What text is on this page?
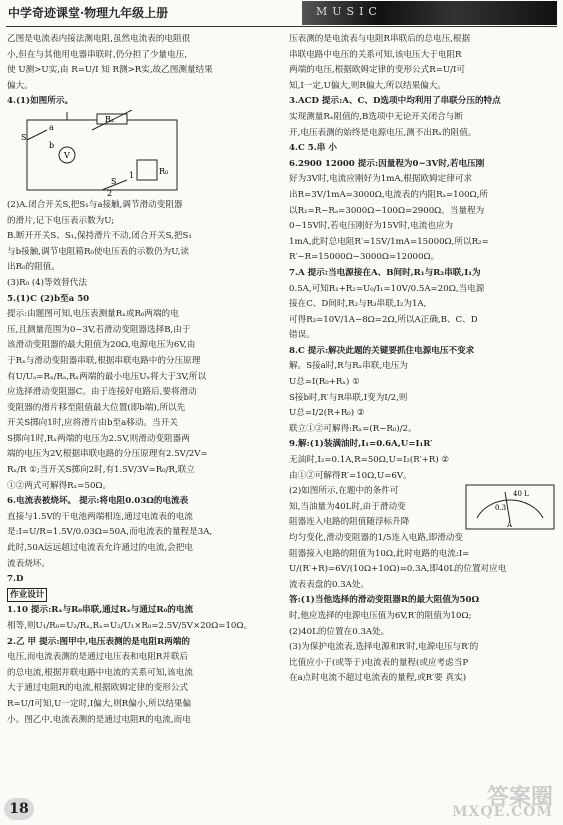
中学奇迹课堂·物理九年级上册	MUSIC

乙图是电流表内接法测电阻,虽然电流表的电阻很

小,但在与其他用电器串联时,仍分担了少量电压,

使 U测>U实,由 R=U/I 知 R测>R实,故乙图测量结果

偏大。

4.(1)如图所示。

S
a
b
1
2
V
Rₓ
R₀
S

(2)A.闭合开关S,把S₁与a接触,调节滑动变阻器

的滑片,记下电压表示数为U;

B.断开开关S、S₁,保持滑片不动,闭合开关S,把S₁

与b接触,调节电阻箱R₀使电压表的示数仍为U,读

出R₀的阻值。

(3)R₀ (4)等效替代法

5.(1)C (2)b至a 50

提示:由题图可知,电压表测量Rₓ或R₀两端的电

压,且测量范围为0~3V,若滑动变阻器选择B,由于

该滑动变阻器的最大阻值为20Ω,电源电压为6V,由

于Rₓ与滑动变阻器串联,根据串联电路中的分压原理

有U/Uₐ=Rₓ/Rₐ,Rₓ两端的最小电压Uₓ将大于3V,所以

应选择滑动变阻器C。由于连接好电路后,要将滑动

变阻器的滑片移至阻值最大位置(即b端),所以先

开关S掷向1时,应将滑片由b至a移动。当开关

S掷向1时,Rₓ两端的电压为2.5V,则滑动变阻器两

端的电压为2V,根据串联电路的分压原理有2.5V/2V=

Rₓ/R ①;当开关S掷向2时,有1.5V/3V=R₀/R,联立

①②两式可解得Rₓ=50Ω。

6.电流表被烧坏。 提示:将电阻0.03Ω的电流表

直接与1.5V的干电池两端相连,通过电流表的电流

是:I=U/R=1.5V/0.03Ω=50A,而电流表的量程是3A,

此时,50A远远超过电流表允许通过的电流,会把电

流表烧坏。

7.D

作业设计

1.10 提示:Rₓ与R₀串联,通过Rₓ与通过R₀的电流

相等,则U₁/R₀=U₂/Rₓ,Rₓ=U₂/U₁×R₀=2.5V/5V×20Ω=10Ω。

2.乙 甲 提示:图甲中,电压表测的是电阻R两端的

电压,而电流表测的是通过电压表和电阻R并联后

的总电流,根据并联电路中电流的关系可知,该电流

大于通过电阻R的电流,根据欧姆定律的变形公式

R=U/I可知,U一定时,I偏大,则R偏小,所以结果偏

小。图乙中,电流表测的是通过电阻R的电流,而电

压表测的是电流表与电阻R串联后的总电压,根据

串联电路中电压的关系可知,该电压大于电阻R

两端的电压,根据欧姆定律的变形公式R=U/I可

知,I一定,U偏大,则R偏大,所以结果偏大。

3.ACD 提示:A、C、D选项中均利用了串联分压的特点

实现测量Rₓ阻值的,B选项中无论开关闭合与断

开,电压表测的始终是电源电压,测不出Rₓ的阻值。

4.C 5.串 小

6.2900 12000 提示:因量程为0~3V时,若电压刚

好为3V时,电流应刚好为1mA,根据欧姆定律可求

出R=3V/1mA=3000Ω,电流表的内阻Rₐ=100Ω,所

以R₁=R−Rₐ=3000Ω−100Ω=2900Ω。当量程为

0~15V时,若电压刚好为15V时,电流也应为

1mA,此时总电阻R′=15V/1mA=15000Ω,所以R₂=

R′−R=15000Ω−3000Ω=12000Ω。

7.A 提示:当电源接在A、B间时,R₁与R₂串联,I₁为

0.5A,可知R₁+R₂=U₀/I₁=10V/0.5A=20Ω,当电源

接在C、D间时,R₂与R₃串联,I₂为1A,

可得R₃=10V/1A−8Ω=2Ω,所以A正确,B、C、D

错误。

8.C 提示:解决此题的关键要抓住电源电压不变求

解。S接a时,R与Rₓ串联,电压为

U总=I(R₀+Rₓ) ①

S接b时,R′与R串联,I变为I/2,则

U总=I/2(R+R₀) ②

联立①②可解得:Rₓ=(R−R₀)/2。

9.解:(1)装满油时,I₁=0.6A,U=I₁R′

无油时,I₂=0.1A,R=50Ω,U=I₂(R′+R) ②

由①②可解得R′=10Ω,U=6V。

(2)如图所示,在题中的条件可

知,当油量为40L时,由于滑动变

阻器连入电路的阻值随浮标升降

40 L
0.3
A

均匀变化,滑动变阻器的1/5连入电路,即滑动变

阻器接入电路的阻值为10Ω,此时电路的电流:I=

U/(R′+R)=6V/(10Ω+10Ω)=0.3A,即40L的位置对应电

流表表盘的0.3A处。

答:(1)当他选择的滑动变阻器R的最大阻值为50Ω

时,他应选择的电源电压值为6V,R′的阻值为10Ω;

(2)40L的位置在0.3A处。

(3)为保护电流表,选择电源和R′时,电源电压与R′的

比值应小于(或等于)电流表的量程(或应考虑当P

在a点时电流不超过电流表的量程,或R′要 真实)

18	答案圈
MXQE.COM
